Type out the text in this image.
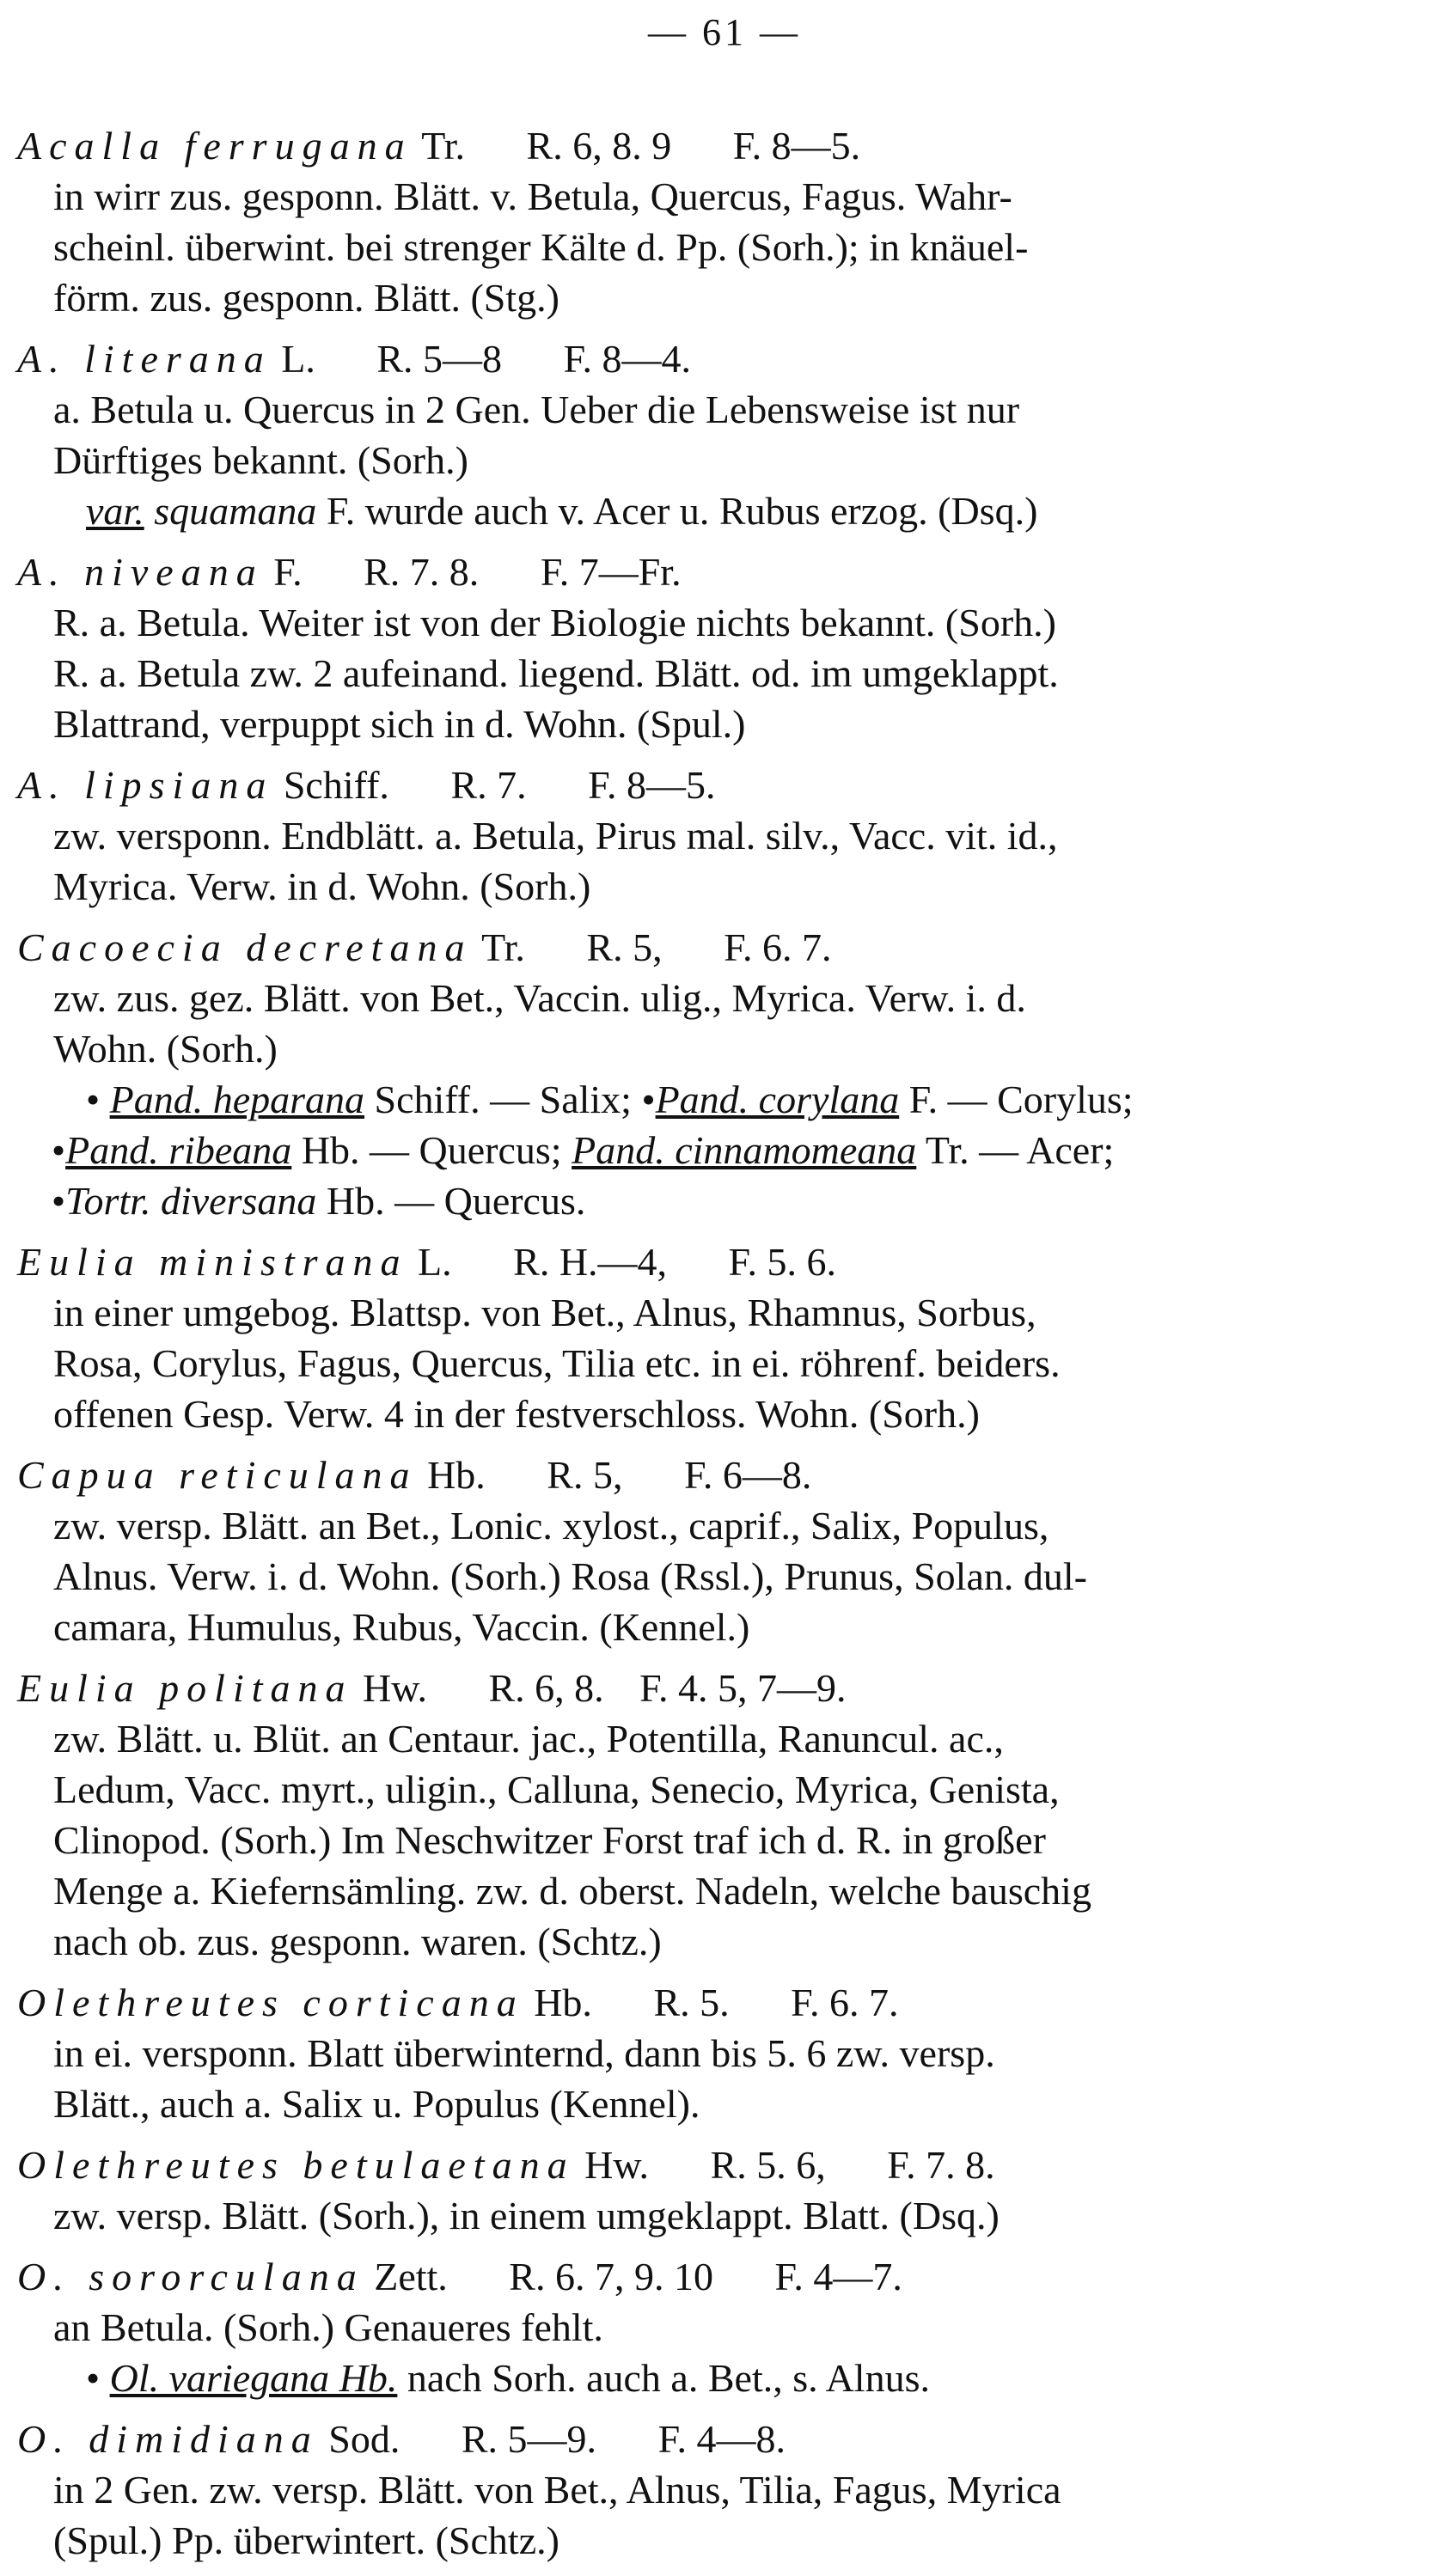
— 61 —
Acalla ferrugana Tr. R. 6, 8. 9 F. 8—5.
in wirr zus. gesponn. Blätt. v. Betula, Quercus, Fagus. Wahr-
scheinl. überwint. bei strenger Kälte d. Pp. (Sorh.); in knäuel-
förm. zus. gesponn. Blätt. (Stg.)
A. literana L. R. 5—8 F. 8—4.
a. Betula u. Quercus in 2 Gen. Ueber die Lebensweise ist nur
Dürftiges bekannt. (Sorh.)
var. squamana F. wurde auch v. Acer u. Rubus erzog. (Dsq.)
A. niveana F. R. 7. 8. F. 7—Fr.
R. a. Betula. Weiter ist von der Biologie nichts bekannt. (Sorh.)
R. a. Betula zw. 2 aufeinand. liegend. Blätt. od. im umgeklappt.
Blattrand, verpuppt sich in d. Wohn. (Spul.)
A. lipsiana Schiff. R. 7. F. 8—5.
zw. versponn. Endblätt. a. Betula, Pirus mal. silv., Vacc. vit. id.,
Myrica. Verw. in d. Wohn. (Sorh.)
Cacoecia decretana Tr. R. 5, F. 6. 7.
zw. zus. gez. Blätt. von Bet., Vaccin. ulig., Myrica. Verw. i. d.
Wohn. (Sorh.)
• Pand. heparana Schiff. — Salix; •Pand. corylana F. — Corylus;
•Pand. ribeana Hb. — Quercus; Pand. cinnamomeana Tr. — Acer;
•Tortr. diversana Hb. — Quercus.
Eulia ministrana L. R. H.—4, F. 5. 6.
in einer umgebog. Blattsp. von Bet., Alnus, Rhamnus, Sorbus,
Rosa, Corylus, Fagus, Quercus, Tilia etc. in ei. röhrenf. beiders.
offenen Gesp. Verw. 4 in der festverschloss. Wohn. (Sorh.)
Capua reticulana Hb. R. 5, F. 6—8.
zw. versp. Blätt. an Bet., Lonic. xylost., caprif., Salix, Populus,
Alnus. Verw. i. d. Wohn. (Sorh.) Rosa (Rssl.), Prunus, Solan. dul-
camara, Humulus, Rubus, Vaccin. (Kennel.)
Eulia politana Hw. R. 6, 8. F. 4. 5, 7—9.
zw. Blätt. u. Blüt. an Centaur. jac., Potentilla, Ranuncul. ac.,
Ledum, Vacc. myrt., uligin., Calluna, Senecio, Myrica, Genista,
Clinopod. (Sorh.) Im Neschwitzer Forst traf ich d. R. in großer
Menge a. Kiefernsämling. zw. d. oberst. Nadeln, welche bauschig
nach ob. zus. gesponn. waren. (Schtz.)
Olethreutes corticana Hb. R. 5. F. 6. 7.
in ei. versponn. Blatt überwinternd, dann bis 5. 6 zw. versp.
Blätt., auch a. Salix u. Populus (Kennel).
Olethreutes betulaetana Hw. R. 5. 6, F. 7. 8.
zw. versp. Blätt. (Sorh.), in einem umgeklappt. Blatt. (Dsq.)
O. sororculana Zett. R. 6. 7, 9. 10 F. 4—7.
an Betula. (Sorh.) Genaueres fehlt.
• Ol. variegana Hb. nach Sorh. auch a. Bet., s. Alnus.
O. dimidiana Sod. R. 5—9. F. 4—8.
in 2 Gen. zw. versp. Blätt. von Bet., Alnus, Tilia, Fagus, Myrica
(Spul.) Pp. überwintert. (Schtz.)
